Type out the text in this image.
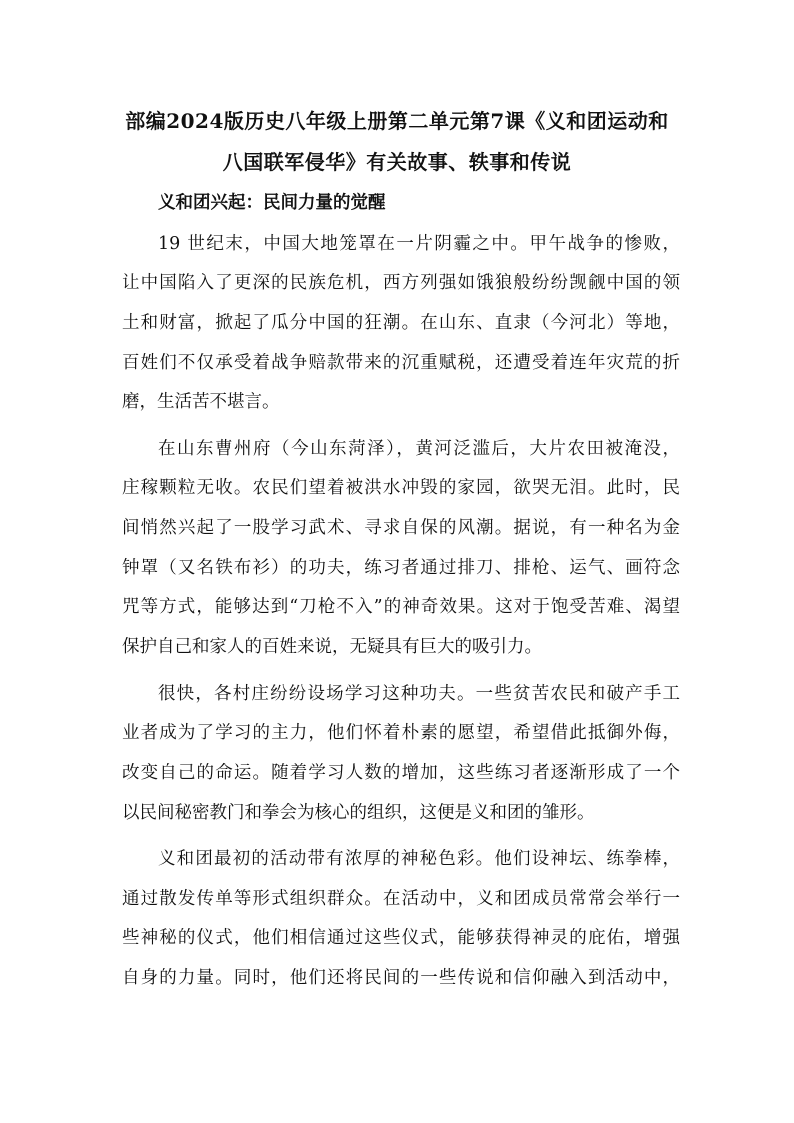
部编2024版历史八年级上册第二单元第7课《义和团运动和
八国联军侵华》有关故事、轶事和传说
义和团兴起：民间力量的觉醒
19 世纪末，中国大地笼罩在一片阴霾之中。甲午战争的惨败，
让中国陷入了更深的民族危机，西方列强如饿狼般纷纷觊觎中国的领
土和财富，掀起了瓜分中国的狂潮。在山东、直隶（今河北）等地，
百姓们不仅承受着战争赔款带来的沉重赋税，还遭受着连年灾荒的折
磨，生活苦不堪言。
在山东曹州府（今山东菏泽），黄河泛滥后，大片农田被淹没，
庄稼颗粒无收。农民们望着被洪水冲毁的家园，欲哭无泪。此时，民
间悄然兴起了一股学习武术、寻求自保的风潮。据说，有一种名为金
钟罩（又名铁布衫）的功夫，练习者通过排刀、排枪、运气、画符念
咒等方式，能够达到“刀枪不入”的神奇效果。这对于饱受苦难、渴望
保护自己和家人的百姓来说，无疑具有巨大的吸引力。
很快，各村庄纷纷设场学习这种功夫。一些贫苦农民和破产手工
业者成为了学习的主力，他们怀着朴素的愿望，希望借此抵御外侮，
改变自己的命运。随着学习人数的增加，这些练习者逐渐形成了一个
以民间秘密教门和拳会为核心的组织，这便是义和团的雏形。
义和团最初的活动带有浓厚的神秘色彩。他们设神坛、练拳棒，
通过散发传单等形式组织群众。在活动中，义和团成员常常会举行一
些神秘的仪式，他们相信通过这些仪式，能够获得神灵的庇佑，增强
自身的力量。同时，他们还将民间的一些传说和信仰融入到活动中，
